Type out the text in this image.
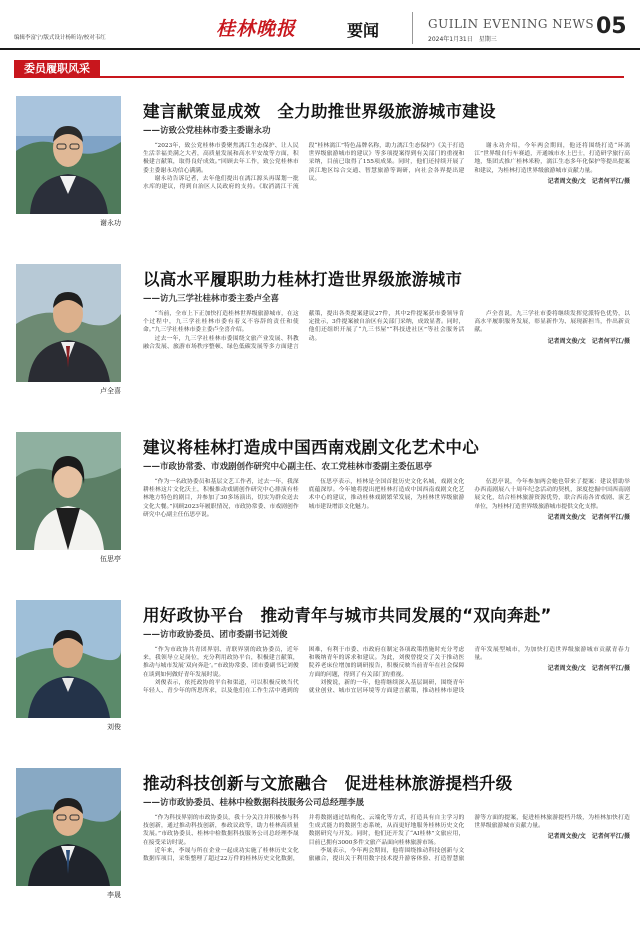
编辑李富宁/版式设计杨昕诗/校对韦红	桂林晚报	要闻	GUILIN EVENING NEWS
2024年1月31日　星期三
05
委员履职风采
谢永功
建言献策显成效　全力助推世界级旅游城市建设
——访致公党桂林市委主委谢永功

“2023年，致公党桂林市委聚焦漓江生态保护、让人民生活幸福美满之大者，高质量发展和高水平安故等方面，积极建言献策，取得良好成效。”回顾去年工作，致公党桂林市委主委谢永功信心满满。

谢永功告诉记者，去年他们提出在漓江源头再谋划一批水库的建议，得到自治区人民政府的支持。《取消漓江干流段“桂林漓江”特色品牌名称，助力漓江生态保护》《关于打造世界级旅游城市的建议》等多项提案得到有关部门的重视和采纳，目前已取得了155项成果。同时，他们还持续开展了滨江地区综合交通、智慧旅游等调研，向社会各界提出建议。

谢永功介绍，今年两会期间，他还将围绕打造“环漓江”世界级自行车赛道，开通城市水上巴士，打造研学旅行高地，集团式推广桂林米粉，漓江生态多年化保护等提出提案和建议，为桂林打造世界级旅游城市贡献力量。

记者周文俊/文　记者何平江/摄
卢全喜
以高水平履职助力桂林打造世界级旅游城市
——访九三学社桂林市委主委卢全喜

“当前，全市上下正加快打造桂林世界级旅游城市，在这个过程中，九三学社桂林市委有着义不容辞的责任和使命。”九三学社桂林市委主委卢全喜介绍。

过去一年，九三学社桂林市委围绕文旅产业发展、科教融合发展、旅游市场秩序整顿、绿色低碳发展等多方面建言献策，提出各类提案建议27件，其中2件提案获市委领导肯定批示，3件提案被自治区有关部门采纳，成效显著。同时，他们还组织开展了“九三书屋”“科技进社区”等社会服务活动。

卢全喜说，九三学社市委将继续发挥党派特色优势，以高水平履职服务发展，彰显新作为、展现新担当，作出新贡献。

记者周文俊/文　记者何平江/摄
伍思亭
建议将桂林打造成中国西南戏剧文化艺术中心
——市政协常委、市戏剧创作研究中心副主任、农工党桂林市委副主委伍思亭

“作为一名政协委员和基层文艺工作者，过去一年，我深耕桂林这片文化沃土，积极推动戏剧创作研究中心排演有桂林地方特色的剧目，并参加了30多场演出，切实为群众送去文化大餐。”回顾2023年履职情况，市政协常委、市戏剧创作研究中心副主任伍思亭说。

伍思亭表示，桂林是全国首批历史文化名城，戏剧文化底蕴深厚。今年她将提出把桂林打造成中国西南戏剧文化艺术中心的建议，推动桂林戏剧繁荣发展，为桂林世界级旅游城市建设增添文化魅力。

伍思亭说，今年参加两会她也带来了提案：建议借助举办西南剧展八十周年纪念活动的契机，深度挖掘中国西南剧展文化，结合桂林旅游资源优势，联合西南各省戏剧、演艺单位，为桂林打造世界级旅游城市提供文化支撑。

记者周文俊/文　记者何平江/摄
刘俊
用好政协平台　推动青年与城市共同发展的“双向奔赴”
——访市政协委员、团市委副书记刘俊

“作为市政协共青团界别、青联界别的政协委员，近年来，我领导立足岗位，充分利用政协平台，积极建言献策，推动与城市发展‘双向奔赴’。”市政协常委、团市委副书记刘俊在谈到如何做好青年发展时说。

刘俊表示，依托政协的平台和渠道，可以积极反映当代年轻人、青少年的所思所求，以及他们在工作生活中遇到的困难，有利于市委、市政府在制定各项政策措施时充分考虑和吸纳青年的诉求和建议。为此，刘俊曾提交了关于推动医院养老床位增加的调研报告，积极反映当前青年在社会保障方面的问题，得到了有关部门的重视。

刘俊说，新的一年，他将继续深入基层调研，围绕青年就业创业、城市宜居环境等方面建言献策，推动桂林市建设青年发展型城市，为加快打造世界级旅游城市贡献青春力量。

记者周文俊/文　记者何平江/摄
李晟
推动科技创新与文旅融合　促进桂林旅游提档升级
——访市政协委员、桂林中检数据科技服务公司总经理李晟

“作为科技界别的市政协委员，我十分关注并积极参与科技创新，通过推动科技创新，参政议政等，助力桂林高质量发展。”市政协委员、桂林中检数据科技服务公司总经理李晟在接受采访时说。

近年来，李晟与所在企业一起成功实施了桂林历史文化数据库项目，采集整理了超过22万件的桂林历史文化数据，并将数据通过结构化、云端化等方式，打造具有自主学习的生成式能力的数据生态系统，从而更好地服务桂林历史文化数据研究与开发。同时，他们还开发了“AI桂林”文旅应用，目前已拥有3000多件文旅产品面向桂林旅游市场。

李晟表示，今年两会期间，他将围绕推动科技创新与文旅融合，提出关于利用数字技术提升游客体验、打造智慧旅游等方面的提案，促进桂林旅游提档升级，为桂林加快打造世界级旅游城市贡献力量。

记者周文俊/文　记者何平江/摄
